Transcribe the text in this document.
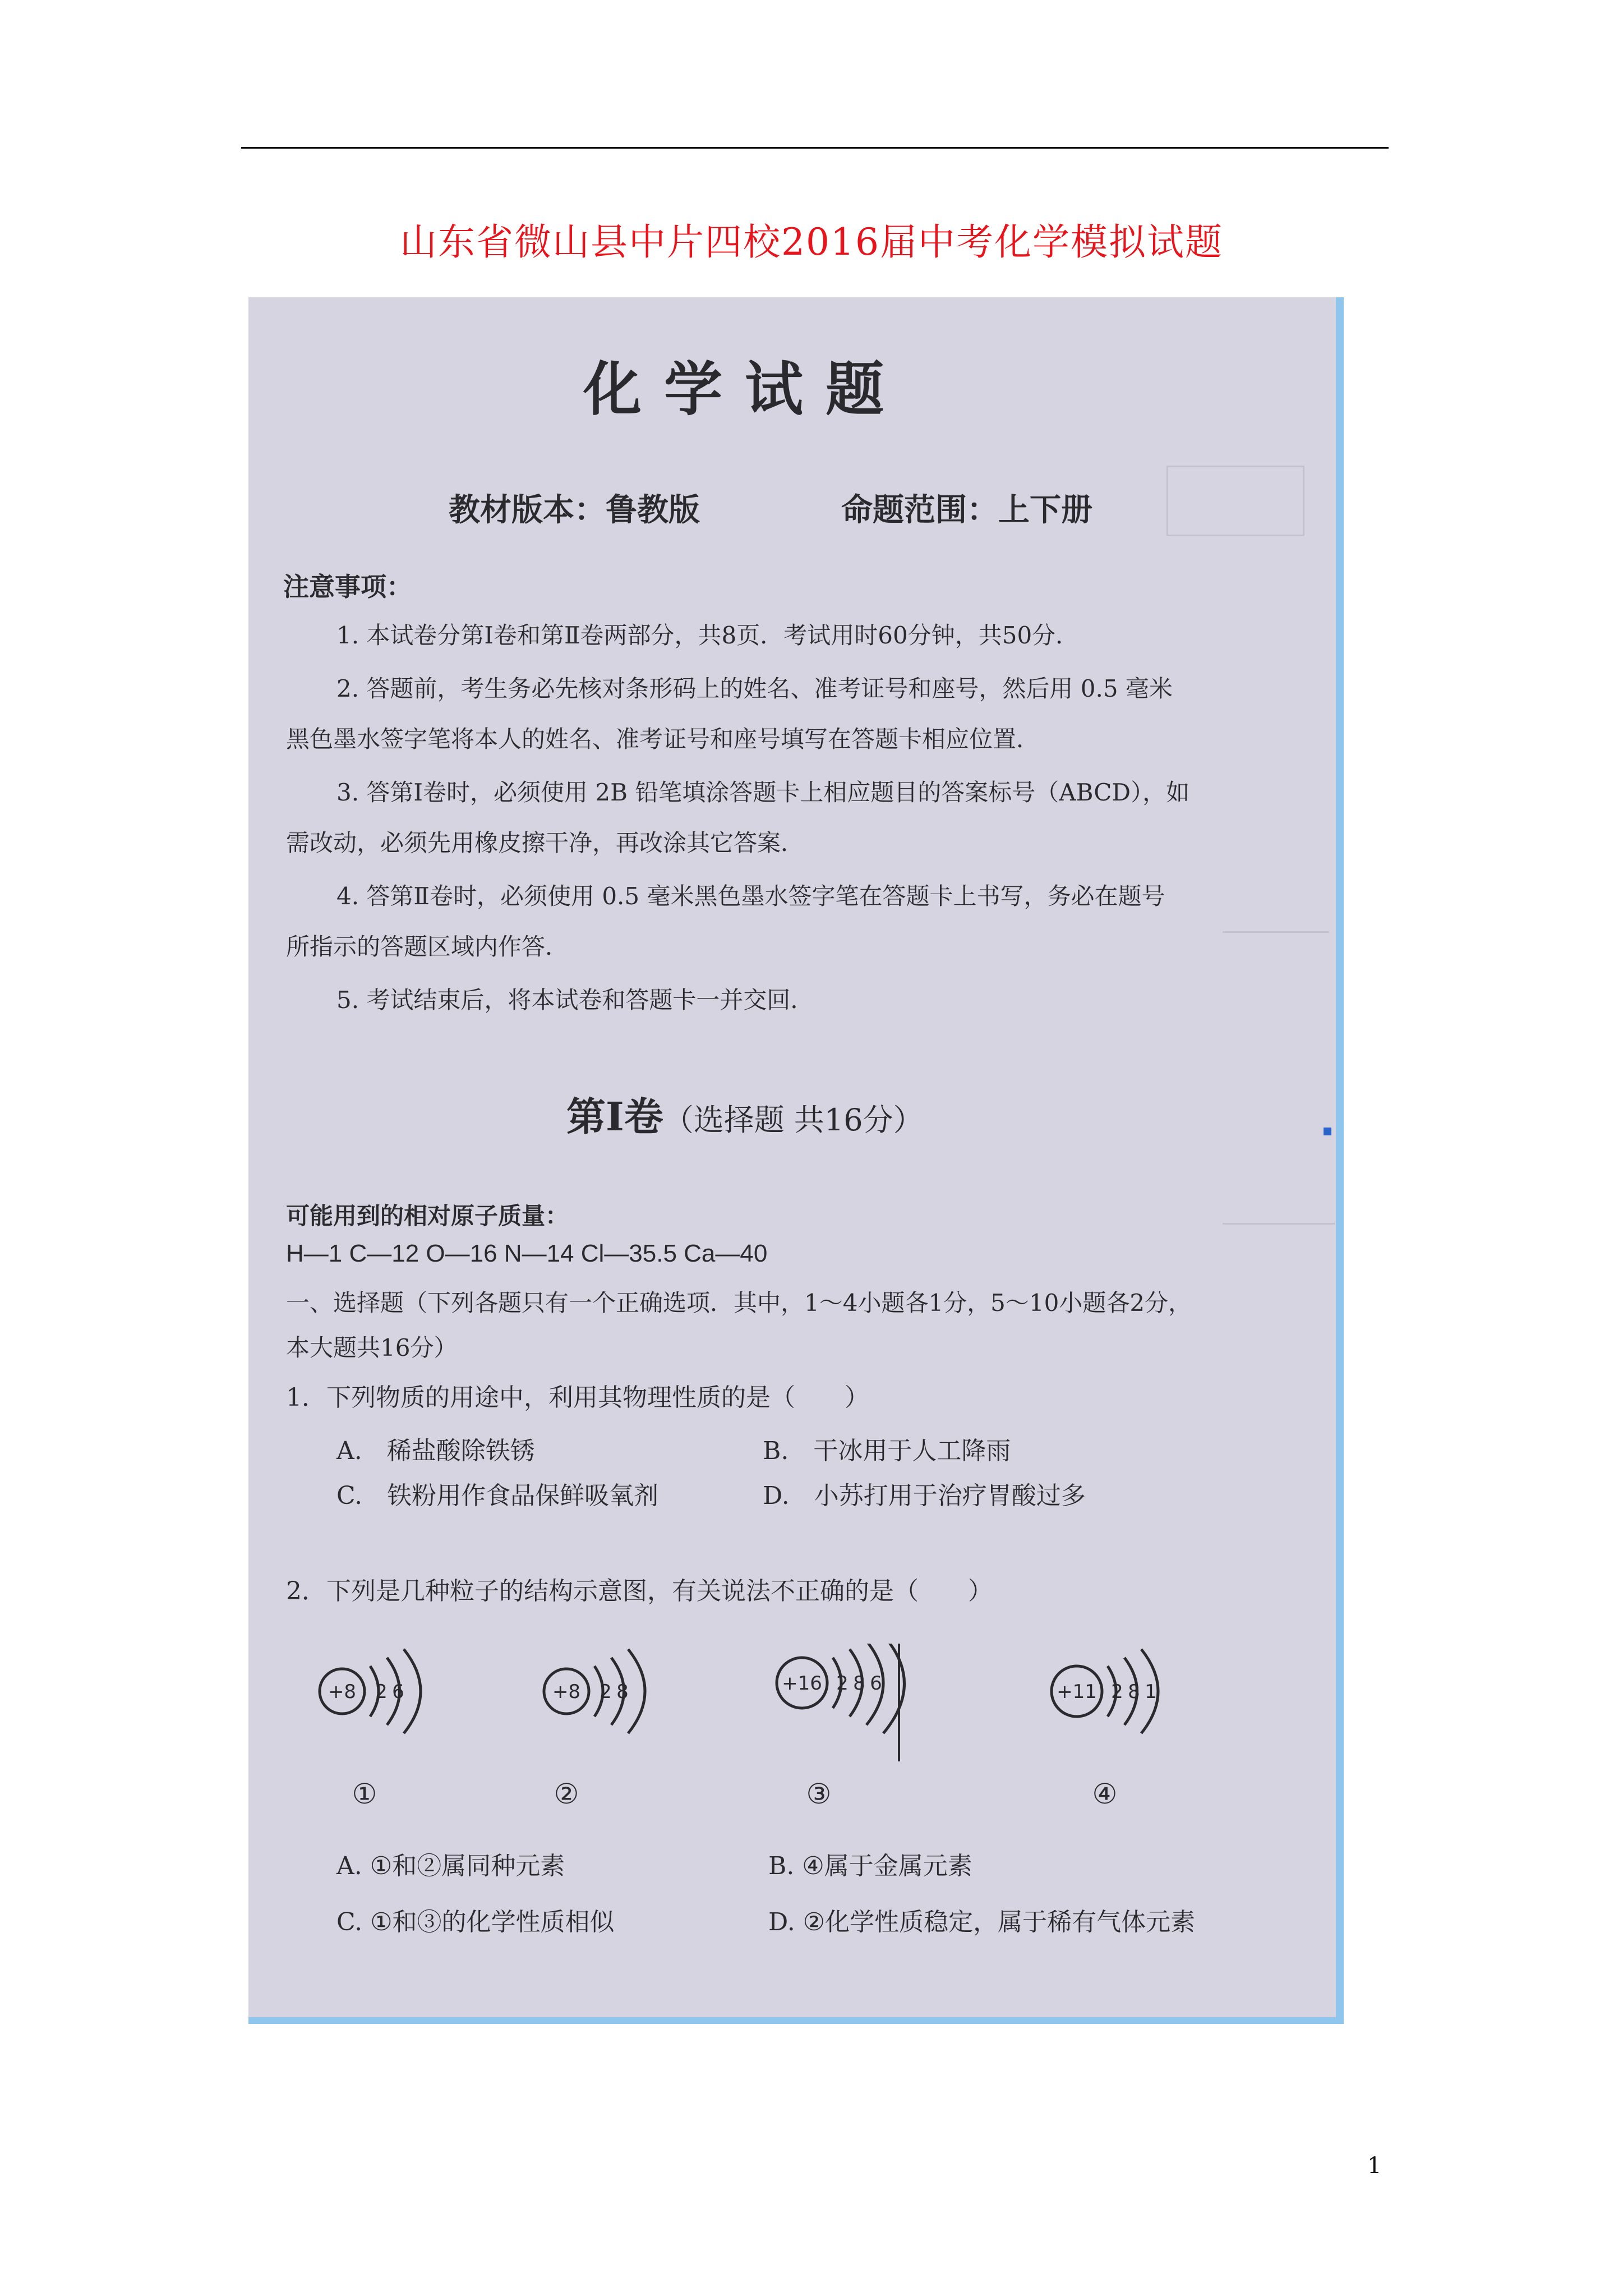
山东省微山县中片四校2016届中考化学模拟试题
化学试题
教材版本：鲁教版	命题范围：上下册
注意事项：
1. 本试卷分第Ⅰ卷和第Ⅱ卷两部分，共8页．考试用时60分钟，共50分．
2. 答题前，考生务必先核对条形码上的姓名、准考证号和座号，然后用 0.5 毫米
黑色墨水签字笔将本人的姓名、准考证号和座号填写在答题卡相应位置．
3. 答第Ⅰ卷时，必须使用 2B 铅笔填涂答题卡上相应题目的答案标号（ABCD），如
需改动，必须先用橡皮擦干净，再改涂其它答案．
4. 答第Ⅱ卷时，必须使用 0.5 毫米黑色墨水签字笔在答题卡上书写，务必在题号
所指示的答题区域内作答．
5. 考试结束后，将本试卷和答题卡一并交回．
第Ⅰ卷（选择题 共16分）
可能用到的相对原子质量：
H—1 C—12 O—16 N—14 Cl—35.5 Ca—40
一、选择题（下列各题只有一个正确选项．其中，1～4小题各1分，5～10小题各2分，
本大题共16分）
1．下列物质的用途中，利用其物理性质的是（　　）
A.　稀盐酸除铁锈	B.　干冰用于人工降雨
C.　铁粉用作食品保鲜吸氧剂	D.　小苏打用于治疗胃酸过多
2．下列是几种粒子的结构示意图，有关说法不正确的是（　　）
+8 2 6	+8 2 8	+16 2 8 6	+11 2 8 1
①	②	③	④
A. ①和②属同种元素	B. ④属于金属元素
C. ①和③的化学性质相似	D. ②化学性质稳定，属于稀有气体元素
1
